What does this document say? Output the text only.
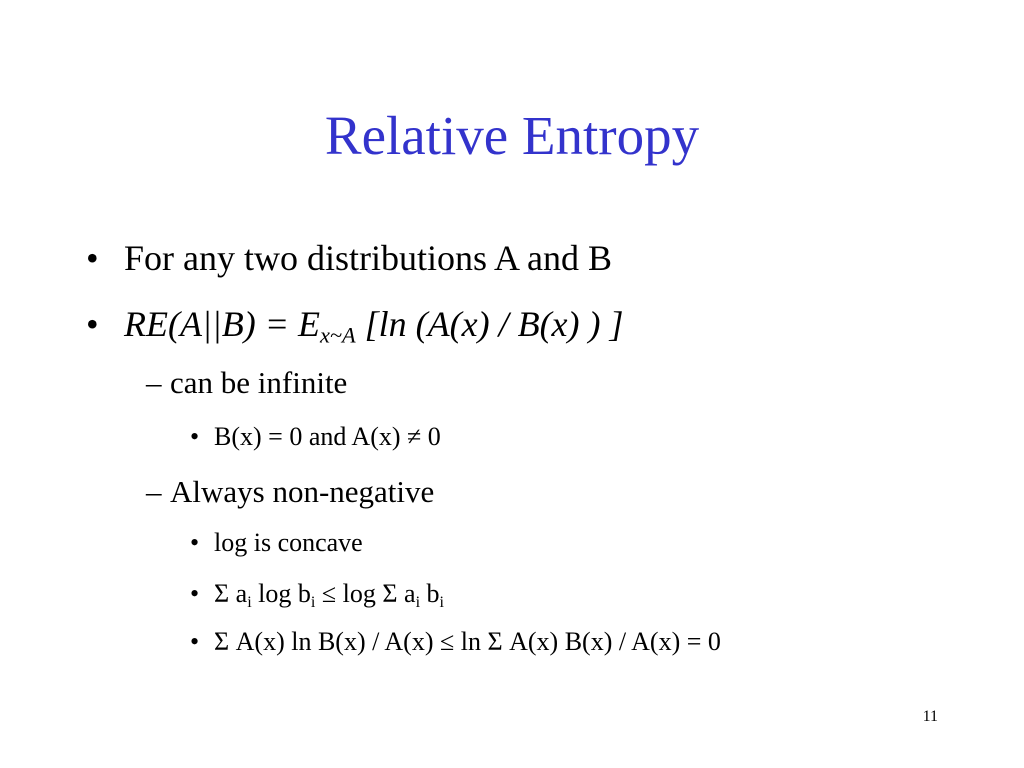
Relative Entropy
• For any two distributions A and B
• $RE(A||B) = E_{x\sim A}$ [ln (A(x) / B(x) ) ]
– can be infinite
• B(x) = 0 and A(x) ≠ 0
– Always non-negative
• log is concave
• Σ $a_i$ $\log b_i \le \log \Sigma$ $a_i$ $b_i$
• Σ A(x) ln B(x) / A(x) ≤ ln Σ A(x) B(x) / A(x) = 0
11
